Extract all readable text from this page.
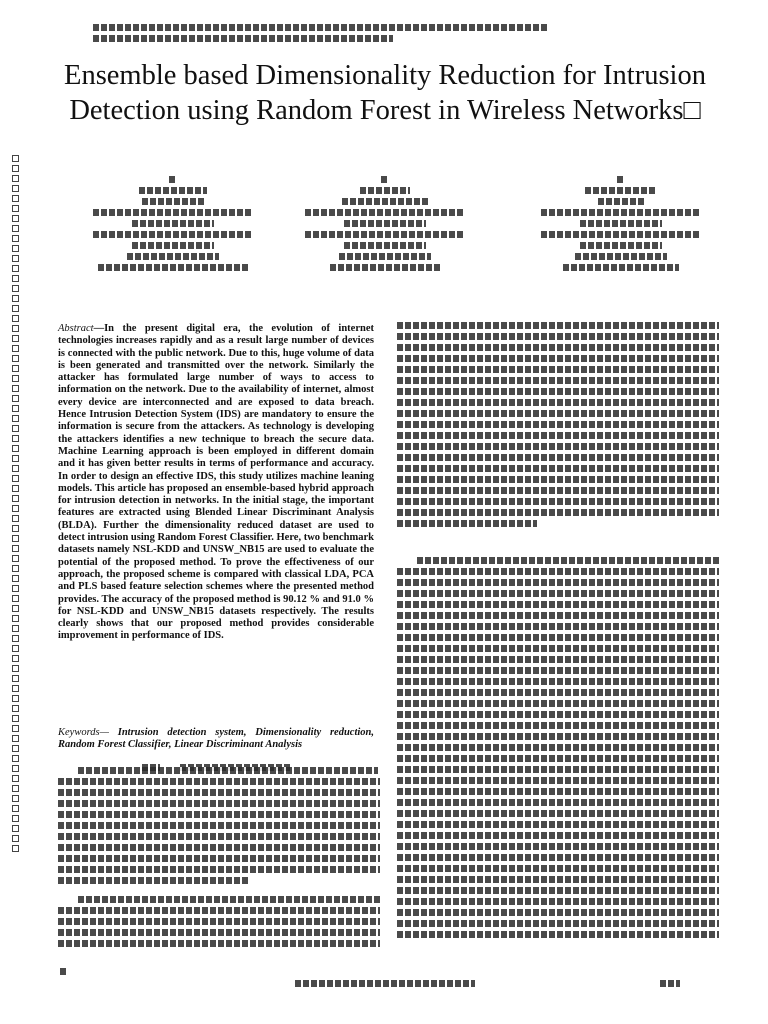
Ensemble based Dimensionality Reduction for Intrusion Detection using Random Forest in Wireless Networks□
Abstract—In the present digital era, the evolution of internet technologies increases rapidly and as a result large number of devices is connected with the public network. Due to this, huge volume of data is been generated and transmitted over the network. Similarly the attacker has formulated large number of ways to access to information on the network. Due to the availability of internet, almost every device are interconnected and are exposed to data breach. Hence Intrusion Detection System (IDS) are mandatory to ensure the information is secure from the attackers. As technology is developing the attackers identifies a new technique to breach the secure data. Machine Learning approach is been employed in different domain and it has given better results in terms of performance and accuracy. In order to design an effective IDS, this study utilizes machine leaning models. This article has proposed an ensemble-based hybrid approach for intrusion detection in networks. In the initial stage, the important features are extracted using Blended Linear Discriminant Analysis (BLDA). Further the dimensionality reduced dataset are used to detect intrusion using Random Forest Classifier. Here, two benchmark datasets namely NSL-KDD and UNSW_NB15 are used to evaluate the potential of the proposed method. To prove the effectiveness of our approach, the proposed scheme is compared with classical LDA, PCA and PLS based feature selection schemes where the presented method provides. The accuracy of the proposed method is 90.12 % and 91.0 % for NSL-KDD and UNSW_NB15 datasets respectively. The results clearly shows that our proposed method provides considerable improvement in performance of IDS.
Keywords— Intrusion detection system, Dimensionality reduction, Random Forest Classifier, Linear Discriminant Analysis
